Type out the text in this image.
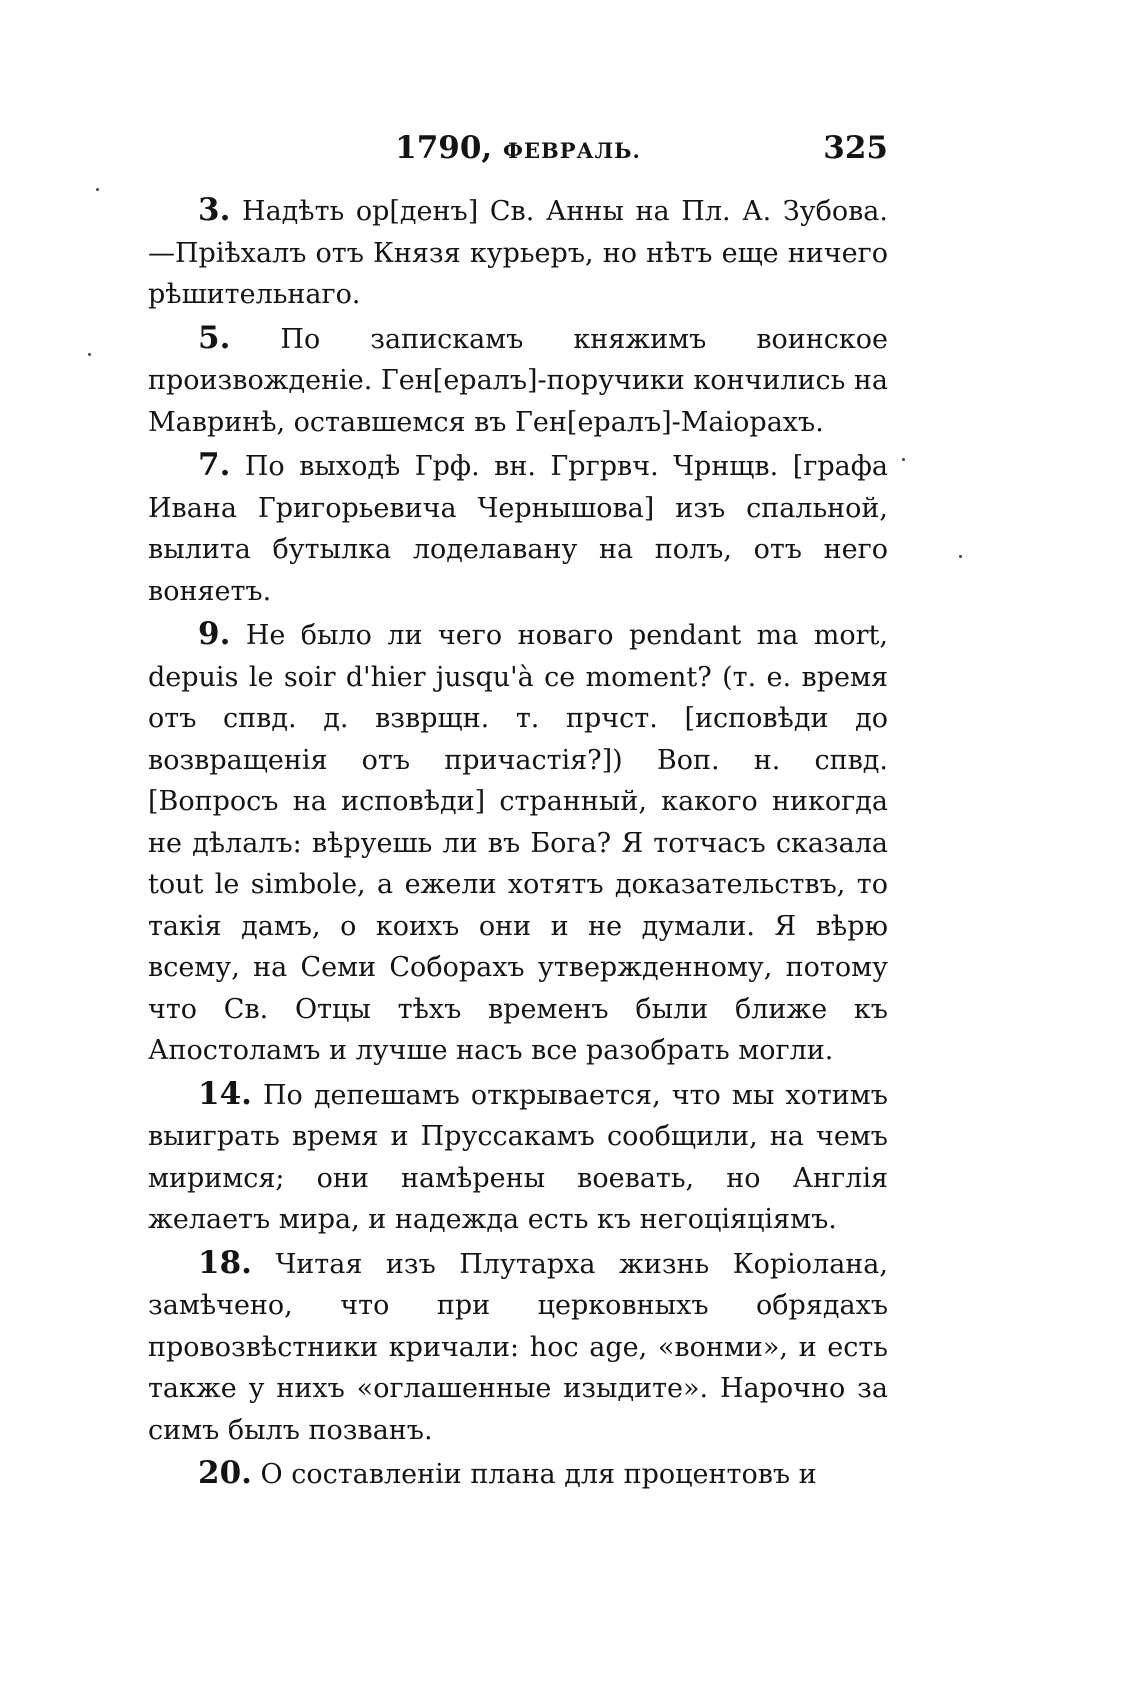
1790, ФЕВРАЛЬ.	325

3. Надѣть ор[денъ] Св. Анны на Пл. А. Зубова.—Пріѣхалъ отъ Князя курьеръ, но нѣтъ еще ничего рѣшительнаго.

5. По запискамъ княжимъ воинское произвожденіе. Ген[ералъ]-поручики кончились на Мавринѣ, оставшемся въ Ген[ералъ]-Маіорахъ.

7. По выходѣ Грф. вн. Гргрвч. Чрнщв. [графа Ивана Григорьевича Чернышова] изъ спальной, вылита бутылка лоделавану на полъ, отъ него воняетъ.

9. Не было ли чего новаго pendant ma mort, depuis le soir d'hier jusqu'à ce moment? (т. е. время отъ спвд. д. взврщн. т. прчст. [исповѣди до возвращенія отъ причастія?]) Воп. н. спвд. [Вопросъ на исповѣди] странный, какого никогда не дѣлалъ: вѣруешь ли въ Бога? Я тотчасъ сказала tout le simbole, а ежели хотятъ доказательствъ, то такія дамъ, о коихъ они и не думали. Я вѣрю всему, на Семи Соборахъ утвержденному, потому что Св. Отцы тѣхъ временъ были ближе къ Апостоламъ и лучше насъ все разобрать могли.

14. По депешамъ открывается, что мы хотимъ выиграть время и Пруссакамъ сообщили, на чемъ миримся; они намѣрены воевать, но Англія желаетъ мира, и надежда есть къ негоціяціямъ.

18. Читая изъ Плутарха жизнь Коріолана, замѣчено, что при церковныхъ обрядахъ провозвѣстники кричали: hoc age, «вонми», и есть также у нихъ «оглашенные изыдите». Нарочно за симъ былъ позванъ.

20. О составленіи плана для процентовъ и
